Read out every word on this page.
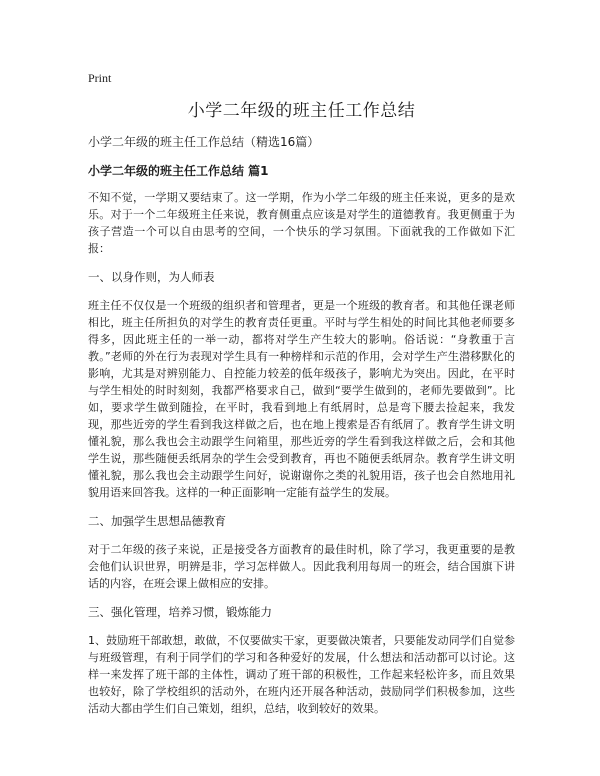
Print
小学二年级的班主任工作总结
小学二年级的班主任工作总结（精选16篇）
小学二年级的班主任工作总结 篇1

不知不觉，一学期又要结束了。这一学期，作为小学二年级的班主任来说，更多的是欢乐。对于一个二年级班主任来说，教育侧重点应该是对学生的道德教育。我更侧重于为孩子营造一个可以自由思考的空间，一个快乐的学习氛围。下面就我的工作做如下汇报：

一、以身作则，为人师表

班主任不仅仅是一个班级的组织者和管理者，更是一个班级的教育者。和其他任课老师相比，班主任所担负的对学生的教育责任更重。平时与学生相处的时间比其他老师要多得多，因此班主任的一举一动，都将对学生产生较大的影响。俗话说：“身教重于言教。”老师的外在行为表现对学生具有一种榜样和示范的作用，会对学生产生潜移默化的影响，尤其是对辨别能力、自控能力较差的低年级孩子，影响尤为突出。因此，在平时与学生相处的时时刻刻，我都严格要求自己，做到“要学生做到的，老师先要做到”。比如，要求学生做到随捡，在平时，我看到地上有纸屑时，总是弯下腰去捡起来，我发现，那些近旁的学生看到我这样做之后，也在地上搜索是否有纸屑了。教育学生讲文明懂礼貌，那么我也会主动跟学生问箱里，那些近旁的学生看到我这样做之后，会和其他学生说，那些随便丢纸屑杂的学生会受到教育，再也不随便丢纸屑杂。教育学生讲文明懂礼貌，那么我也会主动跟学生问好，说谢谢你之类的礼貌用语，孩子也会自然地用礼貌用语来回答我。这样的一种正面影响一定能有益学生的发展。

二、加强学生思想品德教育

对于二年级的孩子来说，正是接受各方面教育的最佳时机，除了学习，我更重要的是教会他们认识世界，明辨是非，学习怎样做人。因此我利用每周一的班会，结合国旗下讲话的内容，在班会课上做相应的安排。

三、强化管理，培养习惯，锻炼能力

1、鼓励班干部敢想，敢做，不仅要做实干家，更要做决策者，只要能发动同学们自觉参与班级管理，有利于同学们的学习和各种爱好的发展，什么想法和活动都可以讨论。这样一来发挥了班干部的主体性，调动了班干部的积极性，工作起来轻松许多，而且效果也较好，除了学校组织的活动外，在班内还开展各种活动，鼓励同学们积极参加，这些活动大都由学生们自己策划，组织，总结，收到较好的效果。
